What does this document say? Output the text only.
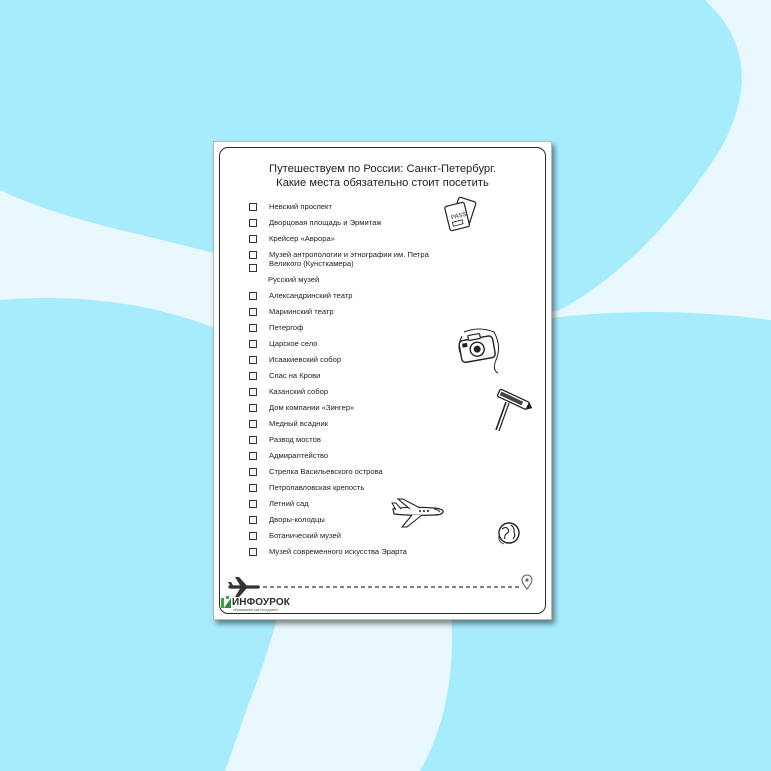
Путешествуем по России: Санкт-Петербург.
Какие места обязательно стоит посетить
Невский проспект
Дворцовая площадь и Эрмитаж
Крейсер «Аврора»
Музей антропологии и этнографии им. Петра
Великого (Кунсткамера)
Александринский театр
Мариинский театр
Петергоф
Царское село
Исаакиевский собор
Спас на Крови
Казанский собор
Дом компании «Зингер»
Медный всадник
Развод мостов
Адмиралтейство
Стрелка Васильевского острова
Петропавловская крепость
Летний сад
Дворы-колодцы
Ботанический музей
Музей современного искусства Эрарта
Русский музей
PASS
ИНФОУРОК
образование как инструмент
